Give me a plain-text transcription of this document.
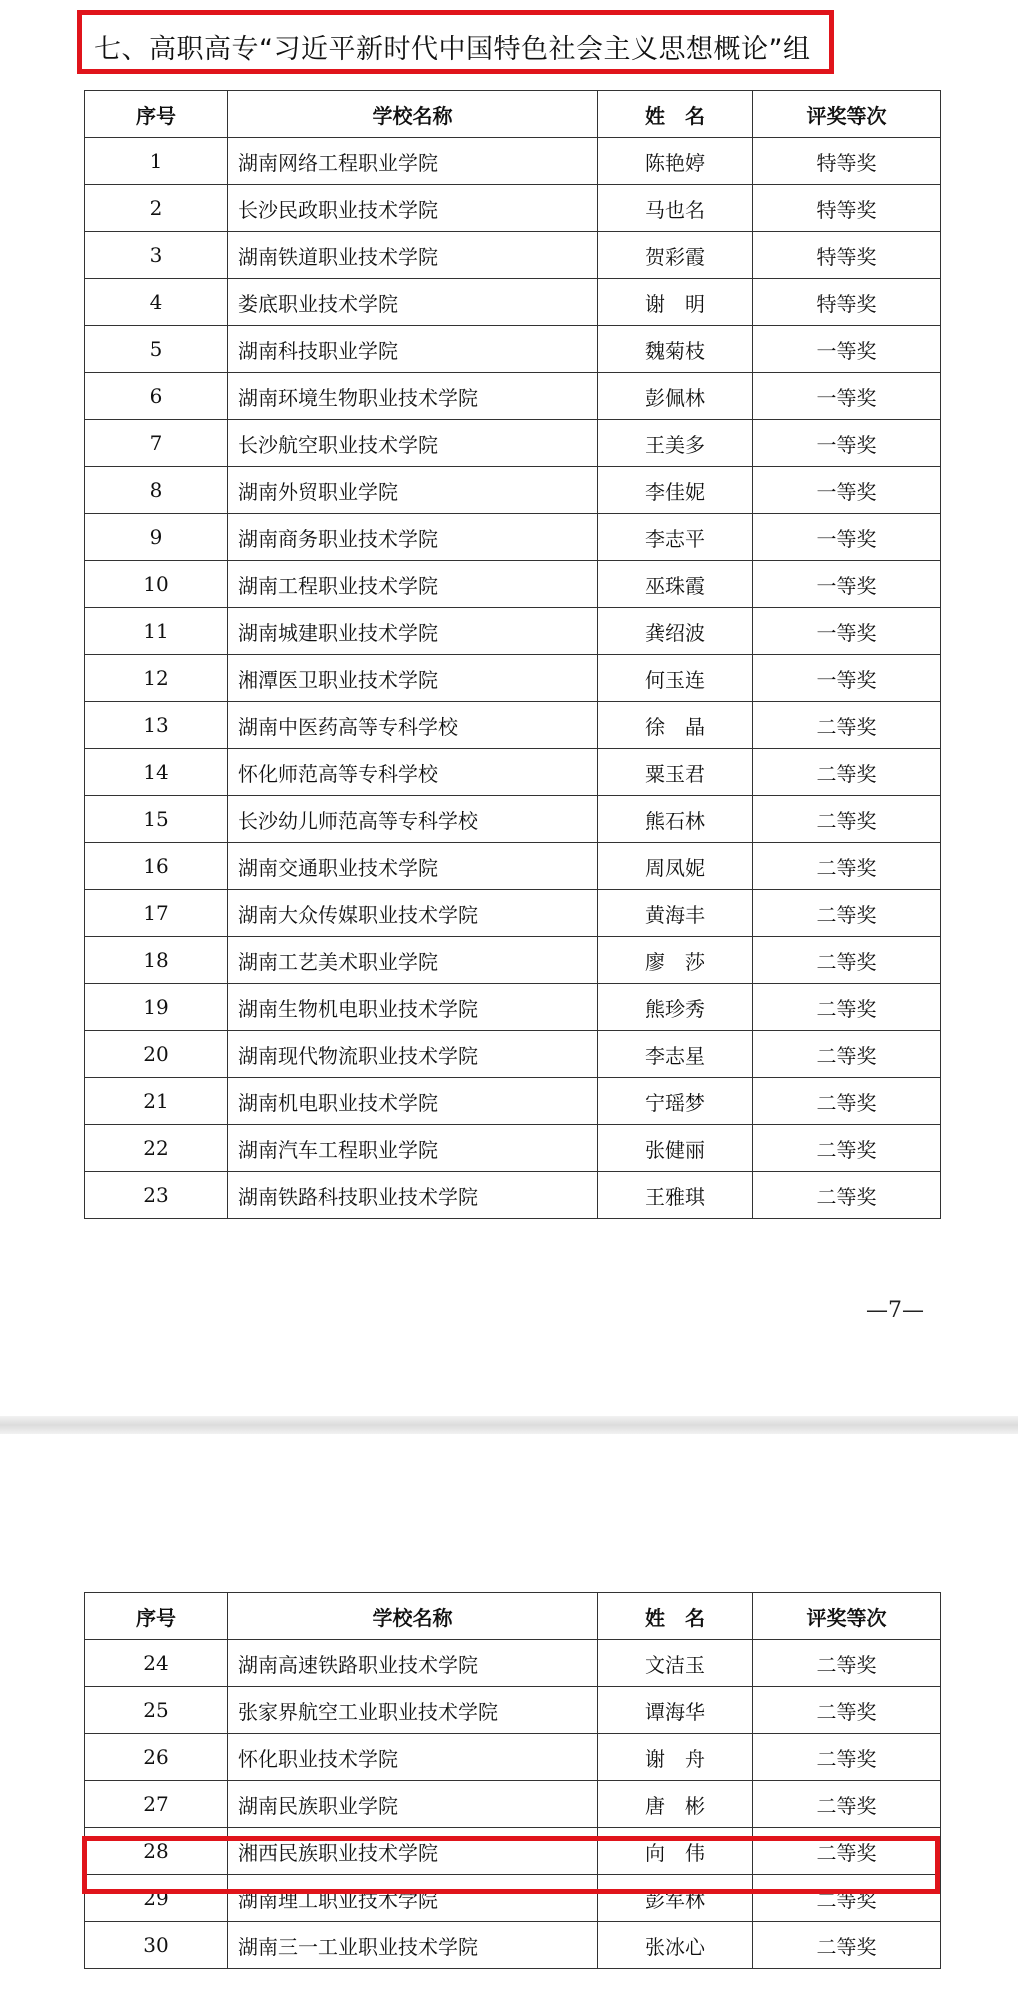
七、高职高专“习近平新时代中国特色社会主义思想概论”组
序号	学校名称	姓　名	评奖等次
1	湖南网络工程职业学院	陈艳婷	特等奖
2	长沙民政职业技术学院	马也名	特等奖
3	湖南铁道职业技术学院	贺彩霞	特等奖
4	娄底职业技术学院	谢　明	特等奖
5	湖南科技职业学院	魏菊枝	一等奖
6	湖南环境生物职业技术学院	彭佩林	一等奖
7	长沙航空职业技术学院	王美多	一等奖
8	湖南外贸职业学院	李佳妮	一等奖
9	湖南商务职业技术学院	李志平	一等奖
10	湖南工程职业技术学院	巫珠霞	一等奖
11	湖南城建职业技术学院	龚绍波	一等奖
12	湘潭医卫职业技术学院	何玉连	一等奖
13	湖南中医药高等专科学校	徐　晶	二等奖
14	怀化师范高等专科学校	粟玉君	二等奖
15	长沙幼儿师范高等专科学校	熊石林	二等奖
16	湖南交通职业技术学院	周凤妮	二等奖
17	湖南大众传媒职业技术学院	黄海丰	二等奖
18	湖南工艺美术职业学院	廖　莎	二等奖
19	湖南生物机电职业技术学院	熊珍秀	二等奖
20	湖南现代物流职业技术学院	李志星	二等奖
21	湖南机电职业技术学院	宁瑶梦	二等奖
22	湖南汽车工程职业学院	张健丽	二等奖
23	湖南铁路科技职业技术学院	王雅琪	二等奖
—7—
序号	学校名称	姓　名	评奖等次
24	湖南高速铁路职业技术学院	文洁玉	二等奖
25	张家界航空工业职业技术学院	谭海华	二等奖
26	怀化职业技术学院	谢　舟	二等奖
27	湖南民族职业学院	唐　彬	二等奖
28	湘西民族职业技术学院	向　伟	二等奖
29	湖南理工职业技术学院	彭军林	二等奖
30	湖南三一工业职业技术学院	张冰心	二等奖
